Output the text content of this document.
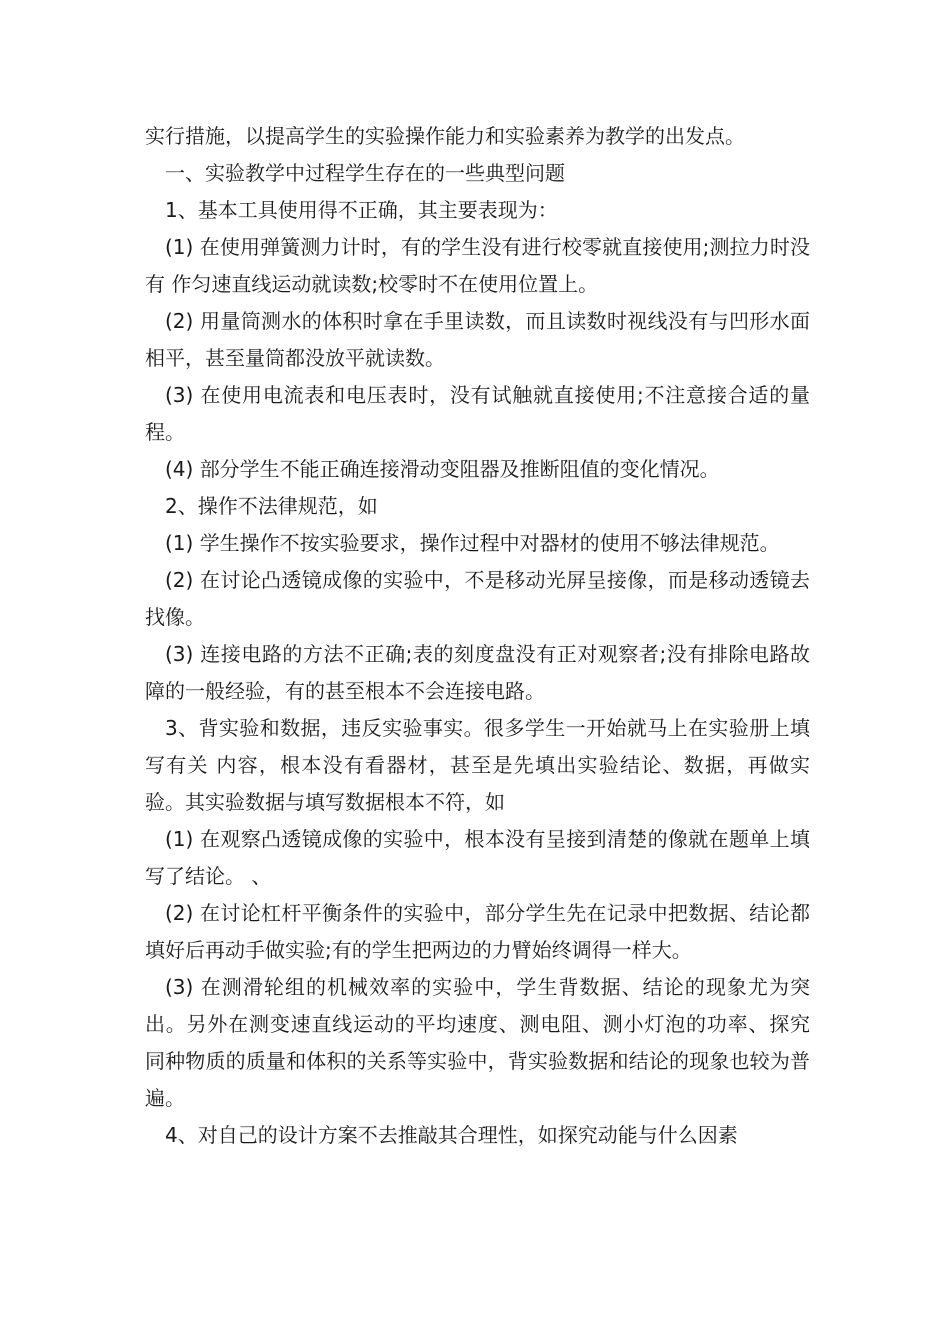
实行措施，以提高学生的实验操作能力和实验素养为教学的出发点。

一、实验教学中过程学生存在的一些典型问题

1、基本工具使用得不正确，其主要表现为：

(1) 在使用弹簧测力计时，有的学生没有进行校零就直接使用;测拉力时没有 作匀速直线运动就读数;校零时不在使用位置上。

(2) 用量筒测水的体积时拿在手里读数，而且读数时视线没有与凹形水面相平，甚至量筒都没放平就读数。

(3) 在使用电流表和电压表时，没有试触就直接使用;不注意接合适的量程。

(4) 部分学生不能正确连接滑动变阻器及推断阻值的变化情况。

2、操作不法律规范，如

(1) 学生操作不按实验要求，操作过程中对器材的使用不够法律规范。

(2) 在讨论凸透镜成像的实验中，不是移动光屏呈接像，而是移动透镜去找像。

(3) 连接电路的方法不正确;表的刻度盘没有正对观察者;没有排除电路故障的一般经验，有的甚至根本不会连接电路。

3、背实验和数据，违反实验事实。很多学生一开始就马上在实验册上填写有关 内容，根本没有看器材，甚至是先填出实验结论、数据，再做实验。其实验数据与填写数据根本不符，如

(1) 在观察凸透镜成像的实验中，根本没有呈接到清楚的像就在题单上填 写了结论。 、

(2) 在讨论杠杆平衡条件的实验中，部分学生先在记录中把数据、结论都填好后再动手做实验;有的学生把两边的力臂始终调得一样大。

(3) 在测滑轮组的机械效率的实验中，学生背数据、结论的现象尤为突出。另外在测变速直线运动的平均速度、测电阻、测小灯泡的功率、探究 同种物质的质量和体积的关系等实验中，背实验数据和结论的现象也较为普遍。

4、对自己的设计方案不去推敲其合理性，如探究动能与什么因素
